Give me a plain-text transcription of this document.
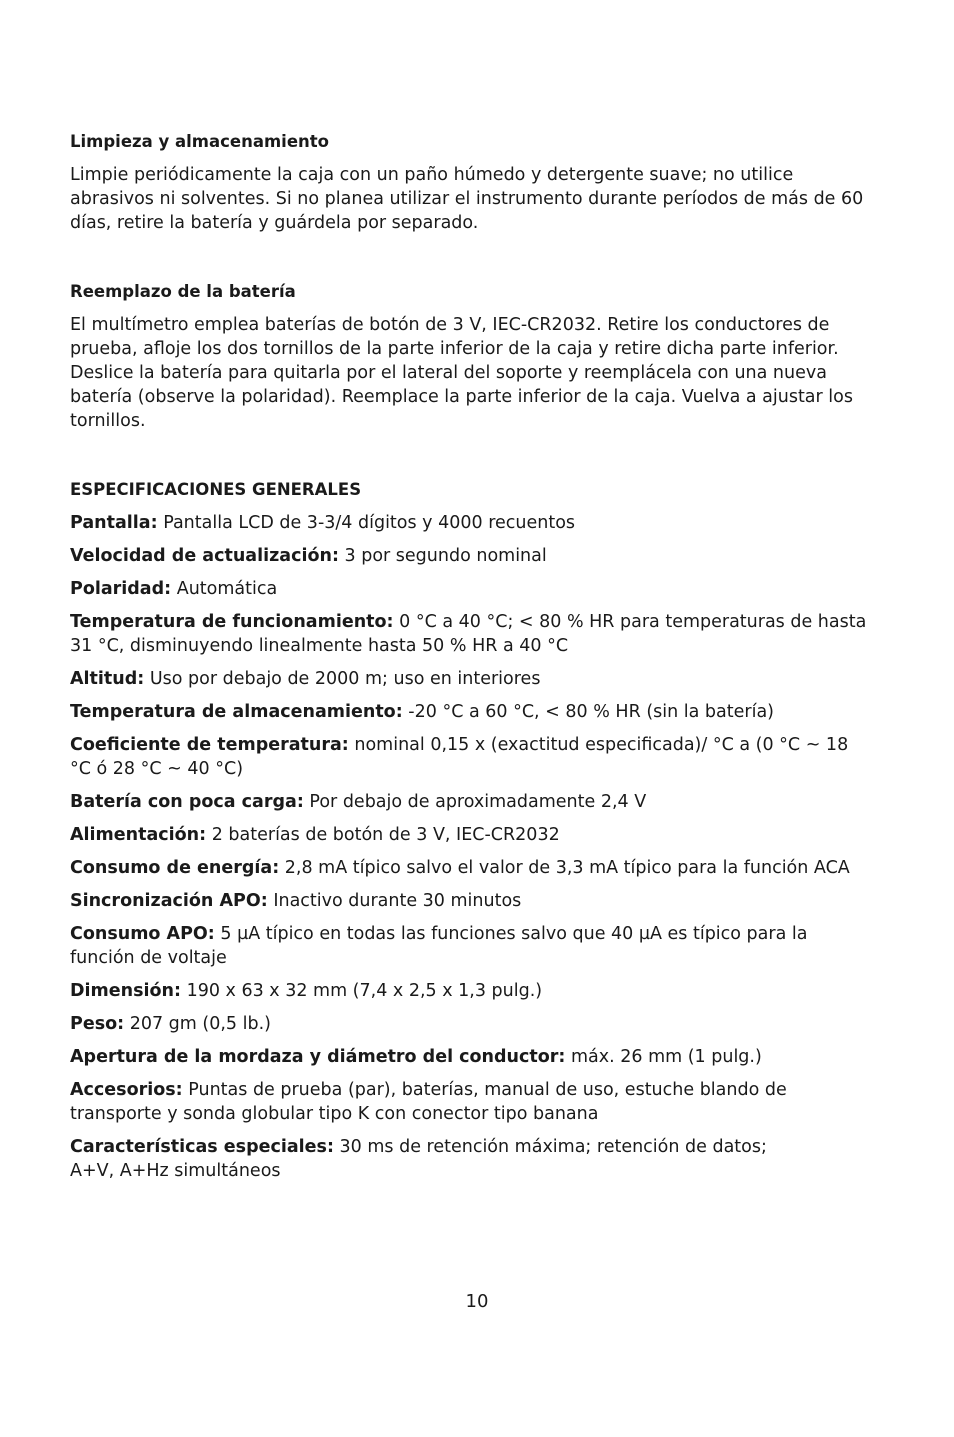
Limpieza y almacenamiento

Limpie periódicamente la caja con un paño húmedo y detergente suave; no utilice abrasivos ni solventes. Si no planea utilizar el instrumento durante períodos de más de 60 días, retire la batería y guárdela por separado.

Reemplazo de la batería

El multímetro emplea baterías de botón de 3 V, IEC-CR2032. Retire los conductores de prueba, afloje los dos tornillos de la parte inferior de la caja y retire dicha parte inferior. Deslice la batería para quitarla por el lateral del soporte y reemplácela con una nueva batería (observe la polaridad). Reemplace la parte inferior de la caja. Vuelva a ajustar los tornillos.

ESPECIFICACIONES GENERALES
Pantalla: Pantalla LCD de 3-3/4 dígitos y 4000 recuentos
Velocidad de actualización: 3 por segundo nominal
Polaridad: Automática
Temperatura de funcionamiento: 0 °C a 40 °C; < 80 % HR para temperaturas de hasta 31 °C, disminuyendo linealmente hasta 50 % HR a 40 °C
Altitud: Uso por debajo de 2000 m; uso en interiores
Temperatura de almacenamiento: -20 °C a 60 °C, < 80 % HR (sin la batería)
Coeficiente de temperatura: nominal 0,15 x (exactitud especificada)/ °C a (0 °C ~ 18 °C ó 28 °C ~ 40 °C)
Batería con poca carga: Por debajo de aproximadamente 2,4 V
Alimentación: 2 baterías de botón de 3 V, IEC-CR2032
Consumo de energía: 2,8 mA típico salvo el valor de 3,3 mA típico para la función ACA
Sincronización APO: Inactivo durante 30 minutos
Consumo APO: 5 µA típico en todas las funciones salvo que 40 µA es típico para la función de voltaje
Dimensión: 190 x 63 x 32 mm (7,4 x 2,5 x 1,3 pulg.)
Peso: 207 gm (0,5 lb.)
Apertura de la mordaza y diámetro del conductor: máx. 26 mm (1 pulg.)
Accesorios: Puntas de prueba (par), baterías, manual de uso, estuche blando de transporte y sonda globular tipo K con conector tipo banana
Características especiales: 30 ms de retención máxima; retención de datos;
A+V, A+Hz simultáneos
10
